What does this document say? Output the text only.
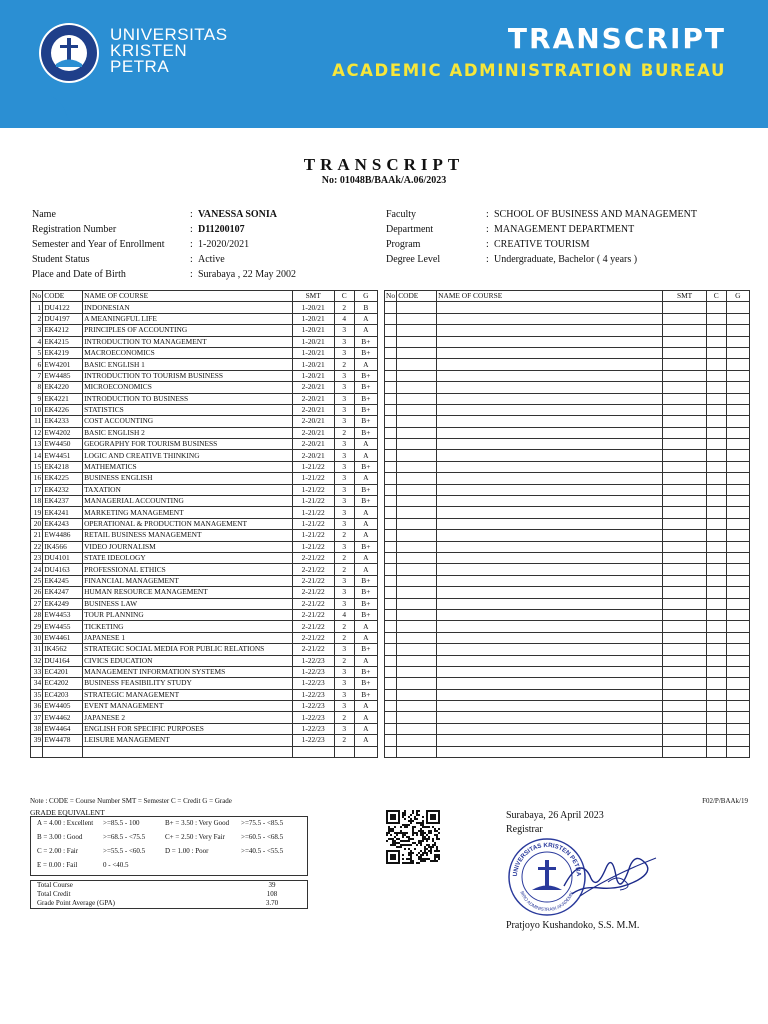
UNIVERSITAS
KRISTEN
PETRA
TRANSCRIPT
ACADEMIC ADMINISTRATION BUREAU
TRANSCRIPT
No: 01048B/BAAk/A.06/2023
Name	: VANESSA SONIA
Registration Number	: D11200107
Semester and Year of Enrollment	: 1-2020/2021
Student Status	: Active
Place and Date of Birth	: Surabaya , 22 May 2002
Faculty	: SCHOOL OF BUSINESS AND MANAGEMENT
Department	: MANAGEMENT DEPARTMENT
Program	: CREATIVE TOURISM
Degree Level	: Undergraduate, Bachelor ( 4 years )
No	CODE	NAME OF COURSE	SMT	C	G
1	DU4122	INDONESIAN	1-20/21	2	B
2	DU4197	A MEANINGFUL LIFE	1-20/21	4	A
3	EK4212	PRINCIPLES OF ACCOUNTING	1-20/21	3	A
4	EK4215	INTRODUCTION TO MANAGEMENT	1-20/21	3	B+
5	EK4219	MACROECONOMICS	1-20/21	3	B+
6	EW4201	BASIC ENGLISH 1	1-20/21	2	A
7	EW4485	INTRODUCTION TO TOURISM BUSINESS	1-20/21	3	B+
8	EK4220	MICROECONOMICS	2-20/21	3	B+
9	EK4221	INTRODUCTION TO BUSINESS	2-20/21	3	B+
10	EK4226	STATISTICS	2-20/21	3	B+
11	EK4233	COST ACCOUNTING	2-20/21	3	B+
12	EW4202	BASIC ENGLISH 2	2-20/21	2	B+
13	EW4450	GEOGRAPHY FOR TOURISM BUSINESS	2-20/21	3	A
14	EW4451	LOGIC AND CREATIVE THINKING	2-20/21	3	A
15	EK4218	MATHEMATICS	1-21/22	3	B+
16	EK4225	BUSINESS ENGLISH	1-21/22	3	A
17	EK4232	TAXATION	1-21/22	3	B+
18	EK4237	MANAGERIAL ACCOUNTING	1-21/22	3	B+
19	EK4241	MARKETING MANAGEMENT	1-21/22	3	A
20	EK4243	OPERATIONAL & PRODUCTION MANAGEMENT	1-21/22	3	A
21	EW4486	RETAIL BUSINESS MANAGEMENT	1-21/22	2	A
22	IK4566	VIDEO JOURNALISM	1-21/22	3	B+
23	DU4101	STATE IDEOLOGY	2-21/22	2	A
24	DU4163	PROFESSIONAL ETHICS	2-21/22	2	A
25	EK4245	FINANCIAL MANAGEMENT	2-21/22	3	B+
26	EK4247	HUMAN RESOURCE MANAGEMENT	2-21/22	3	B+
27	EK4249	BUSINESS LAW	2-21/22	3	B+
28	EW4453	TOUR PLANNING	2-21/22	4	B+
29	EW4455	TICKETING	2-21/22	2	A
30	EW4461	JAPANESE 1	2-21/22	2	A
31	IK4562	STRATEGIC SOCIAL MEDIA FOR PUBLIC RELATIONS	2-21/22	3	B+
32	DU4164	CIVICS EDUCATION	1-22/23	2	A
33	EC4201	MANAGEMENT INFORMATION SYSTEMS	1-22/23	3	B+
34	EC4202	BUSINESS FEASIBILITY STUDY	1-22/23	3	B+
35	EC4203	STRATEGIC MANAGEMENT	1-22/23	3	B+
36	EW4405	EVENT MANAGEMENT	1-22/23	3	A
37	EW4462	JAPANESE 2	1-22/23	2	A
38	EW4464	ENGLISH FOR SPECIFIC PURPOSES	1-22/23	3	A
39	EW4478	LEISURE MANAGEMENT	1-22/23	2	A

No	CODE	NAME OF COURSE	SMT	C	G

Note : CODE = Course Number SMT = Semester C = Credit G = Grade	F02/P/BAAk/19
GRADE EQUIVALENT
A = 4.00 : Excellent >=85.5 - 100	B+ = 3.50 : Very Good >=75.5 - <85.5
B = 3.00 : Good	>=68.5 - <75.5	C+ = 2.50 : Very Fair >=60.5 - <68.5
C = 2.00 : Fair	>=55.5 - <60.5	D = 1.00 : Poor	>=40.5 - <55.5
E = 0.00 : Fail	0 - <40.5
Total Course	39
Total Credit	108
Grade Point Average (GPA)	3.70
Surabaya, 26 April 2023
Registrar
UNIVERSITAS KRISTEN PETRA
BIRO ADMINISTRASI AKADEMIK
Pratjoyo Kushandoko, S.S. M.M.
